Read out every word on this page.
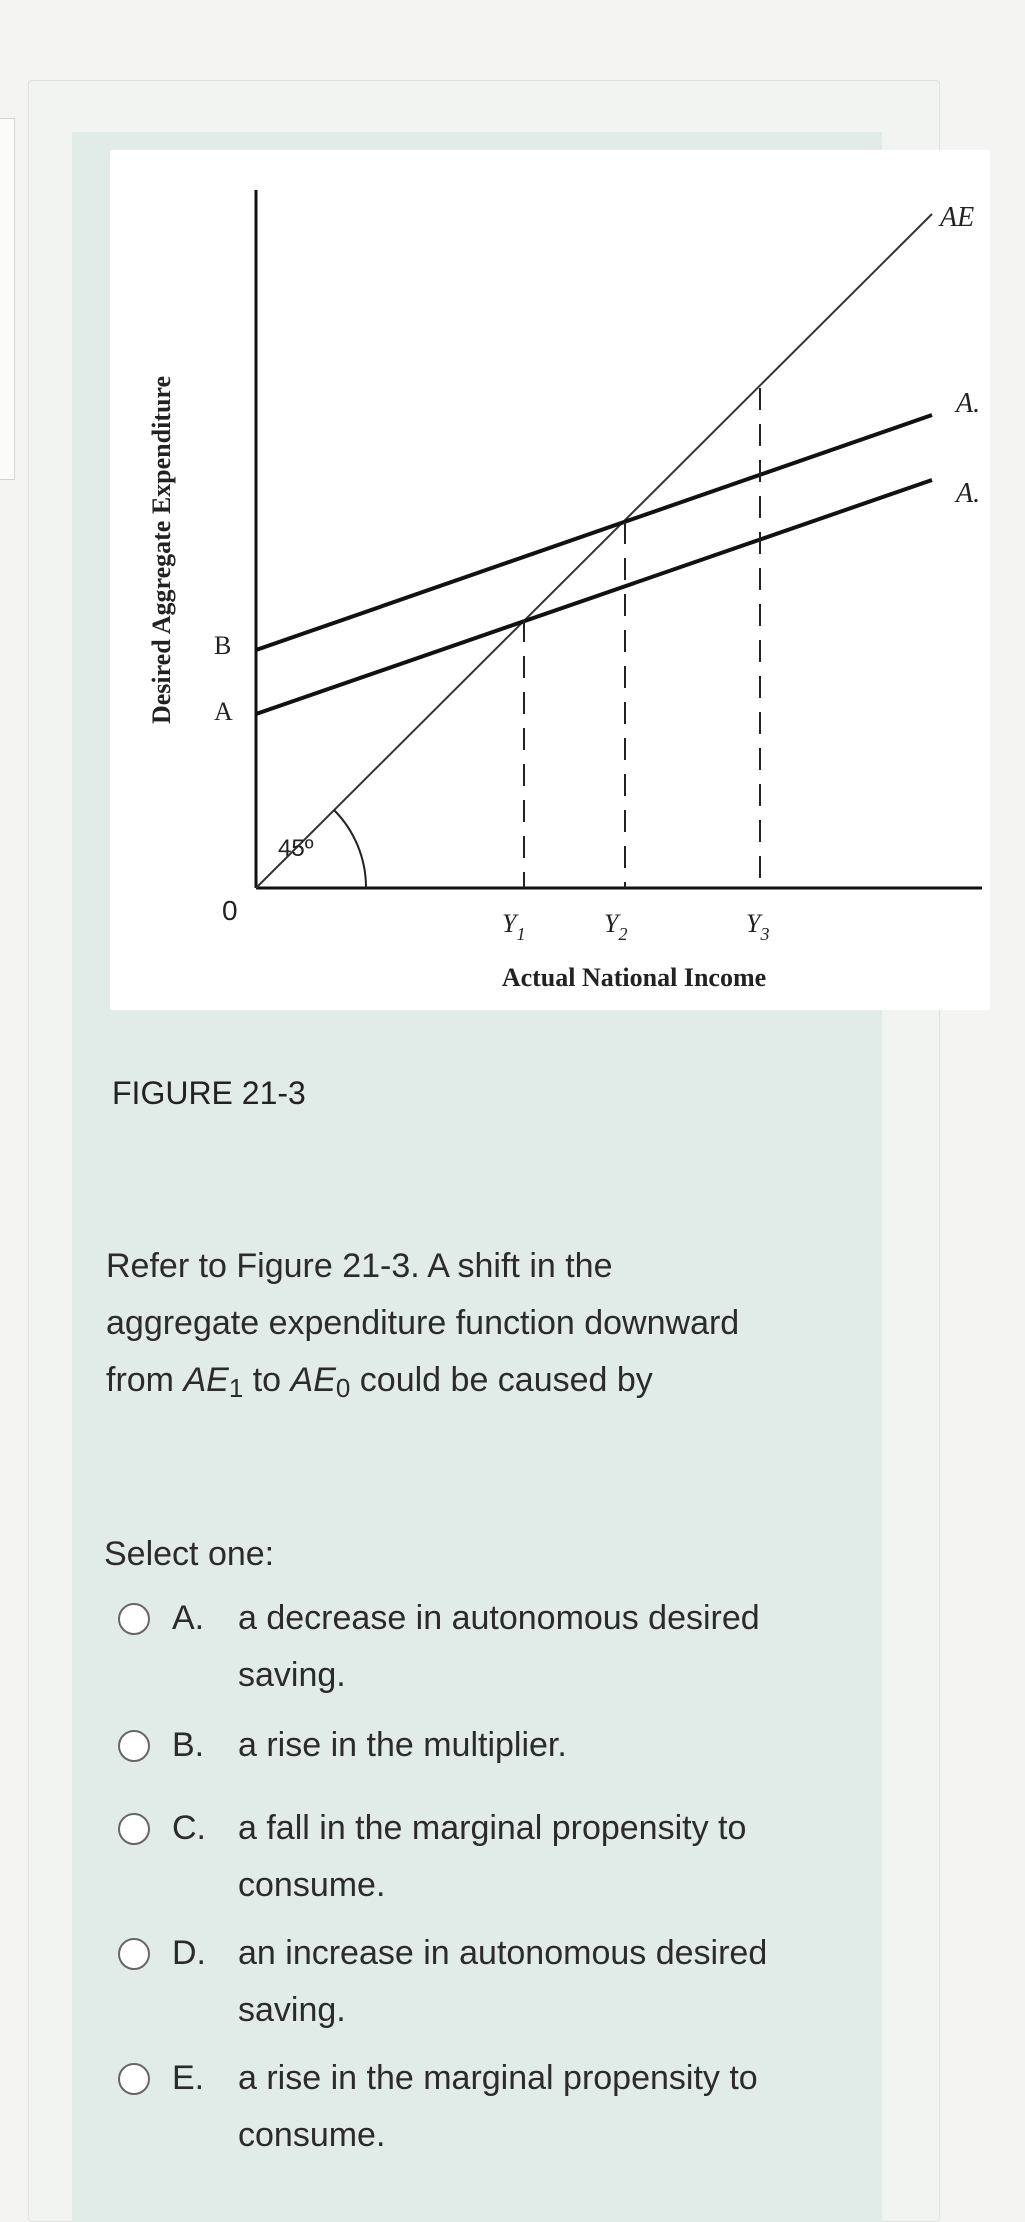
Desired Aggregate Expenditure B
A
0
45º
$Y_1$	$Y_2$	$Y_3$
Actual National Income
AE
A.
A.
FIGURE 21-3
Refer to Figure 21-3. A shift in the aggregate expenditure function downward from $AE_1$ to $AE_0$ could be caused by
Select one:
A. a decrease in autonomous desired saving.
B. a rise in the multiplier.
C. a fall in the marginal propensity to consume.
D. an increase in autonomous desired saving.
E. a rise in the marginal propensity to consume.
